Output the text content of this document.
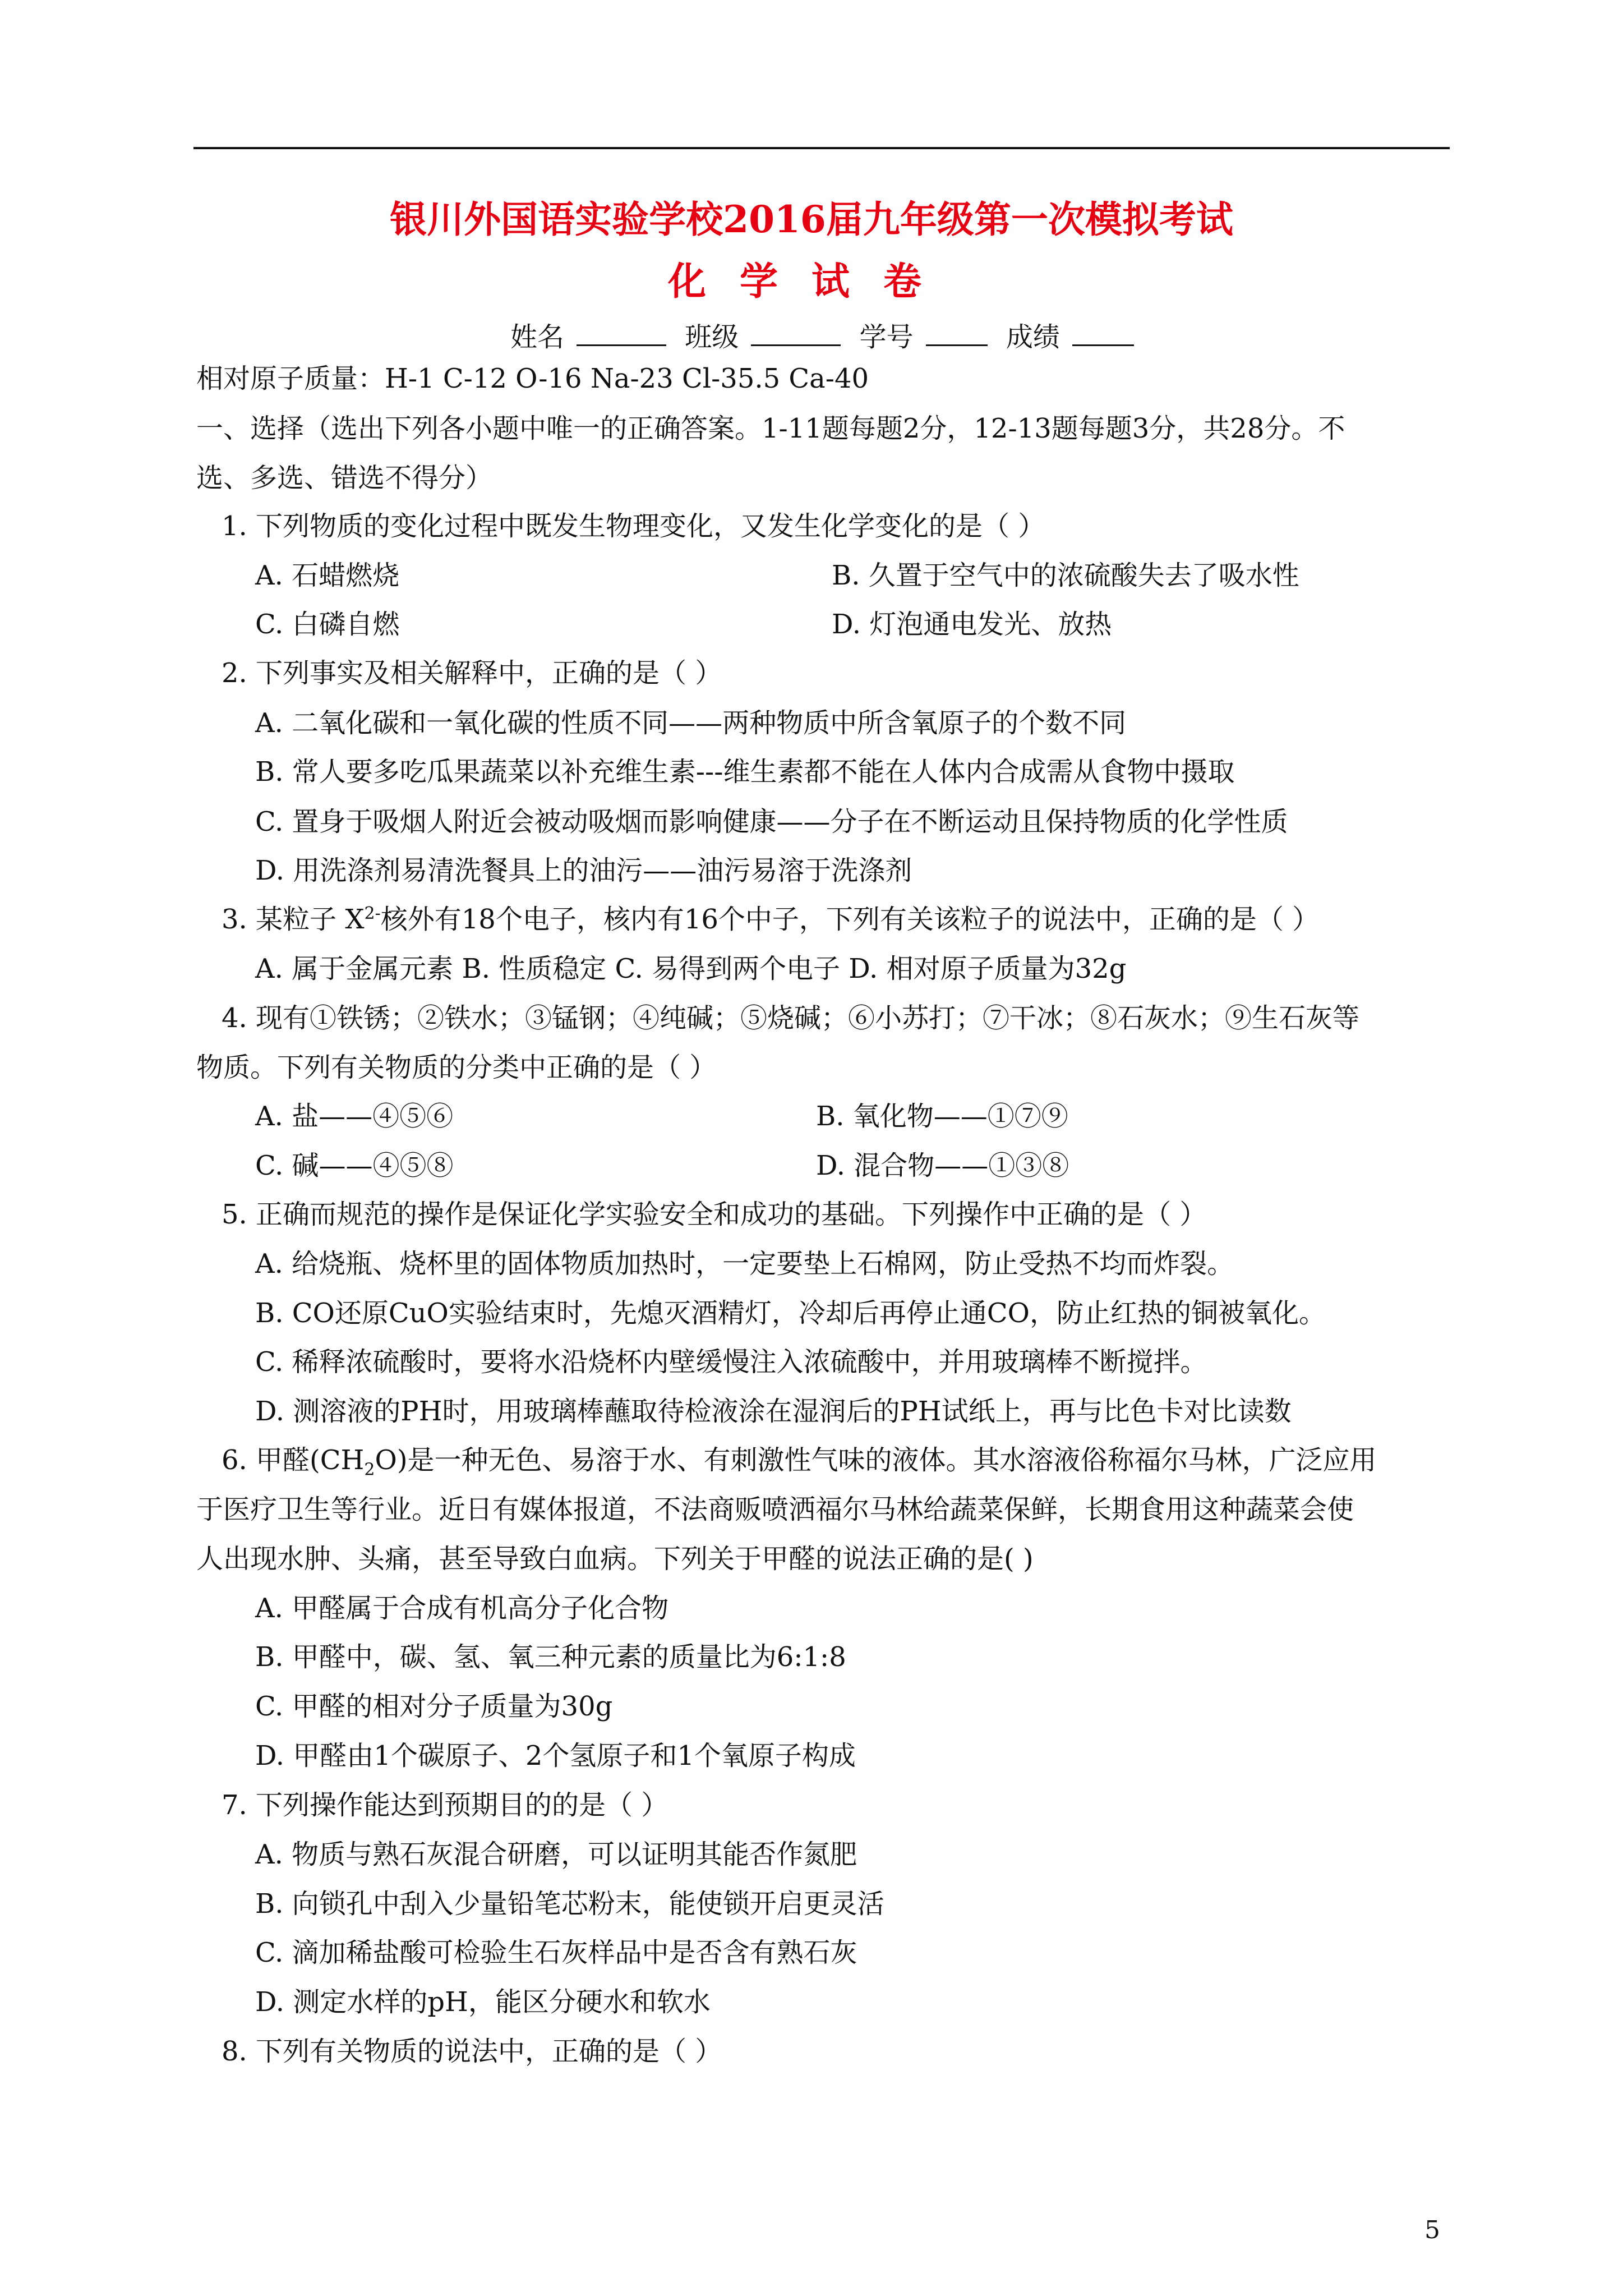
银川外国语实验学校2016届九年级第一次模拟考试
化学试卷
姓名	班级	学号	成绩
相对原子质量：H-1 C-12 O-16 Na-23 Cl-35.5 Ca-40
一、选择（选出下列各小题中唯一的正确答案。1-11题每题2分，12-13题每题3分，共28分。不
选、多选、错选不得分）
1. 下列物质的变化过程中既发生物理变化，又发生化学变化的是（ ）
A. 石蜡燃烧	B. 久置于空气中的浓硫酸失去了吸水性
C. 白磷自燃	D. 灯泡通电发光、放热
2. 下列事实及相关解释中，正确的是（ ）
A. 二氧化碳和一氧化碳的性质不同——两种物质中所含氧原子的个数不同
B. 常人要多吃瓜果蔬菜以补充维生素---维生素都不能在人体内合成需从食物中摄取
C. 置身于吸烟人附近会被动吸烟而影响健康——分子在不断运动且保持物质的化学性质
D. 用洗涤剂易清洗餐具上的油污——油污易溶于洗涤剂
3. 某粒子 $X^{2-}$核外有18个电子，核内有16个中子，下列有关该粒子的说法中，正确的是（ ）
A. 属于金属元素 B. 性质稳定 C. 易得到两个电子 D. 相对原子质量为32g
4. 现有①铁锈；②铁水；③锰钢；④纯碱；⑤烧碱；⑥小苏打；⑦干冰；⑧石灰水；⑨生石灰等
物质。下列有关物质的分类中正确的是（ ）
A. 盐——④⑤⑥	B. 氧化物——①⑦⑨
C. 碱——④⑤⑧	D. 混合物——①③⑧
5. 正确而规范的操作是保证化学实验安全和成功的基础。下列操作中正确的是（ ）
A. 给烧瓶、烧杯里的固体物质加热时，一定要垫上石棉网，防止受热不均而炸裂。
B. CO还原CuO实验结束时，先熄灭酒精灯，冷却后再停止通CO，防止红热的铜被氧化。
C. 稀释浓硫酸时，要将水沿烧杯内壁缓慢注入浓硫酸中，并用玻璃棒不断搅拌。
D. 测溶液的PH时，用玻璃棒蘸取待检液涂在湿润后的PH试纸上，再与比色卡对比读数
6. 甲醛$(CH_2O)$是一种无色、易溶于水、有刺激性气味的液体。其水溶液俗称福尔马林，广泛应用
于医疗卫生等行业。近日有媒体报道，不法商贩喷洒福尔马林给蔬菜保鲜，长期食用这种蔬菜会使
人出现水肿、头痛，甚至导致白血病。下列关于甲醛的说法正确的是( )
A. 甲醛属于合成有机高分子化合物
B. 甲醛中，碳、氢、氧三种元素的质量比为6:1:8
C. 甲醛的相对分子质量为30g
D. 甲醛由1个碳原子、2个氢原子和1个氧原子构成
7. 下列操作能达到预期目的的是（ ）
A. 物质与熟石灰混合研磨，可以证明其能否作氮肥
B. 向锁孔中刮入少量铅笔芯粉末，能使锁开启更灵活
C. 滴加稀盐酸可检验生石灰样品中是否含有熟石灰
D. 测定水样的pH，能区分硬水和软水
8. 下列有关物质的说法中，正确的是（ ）
5
